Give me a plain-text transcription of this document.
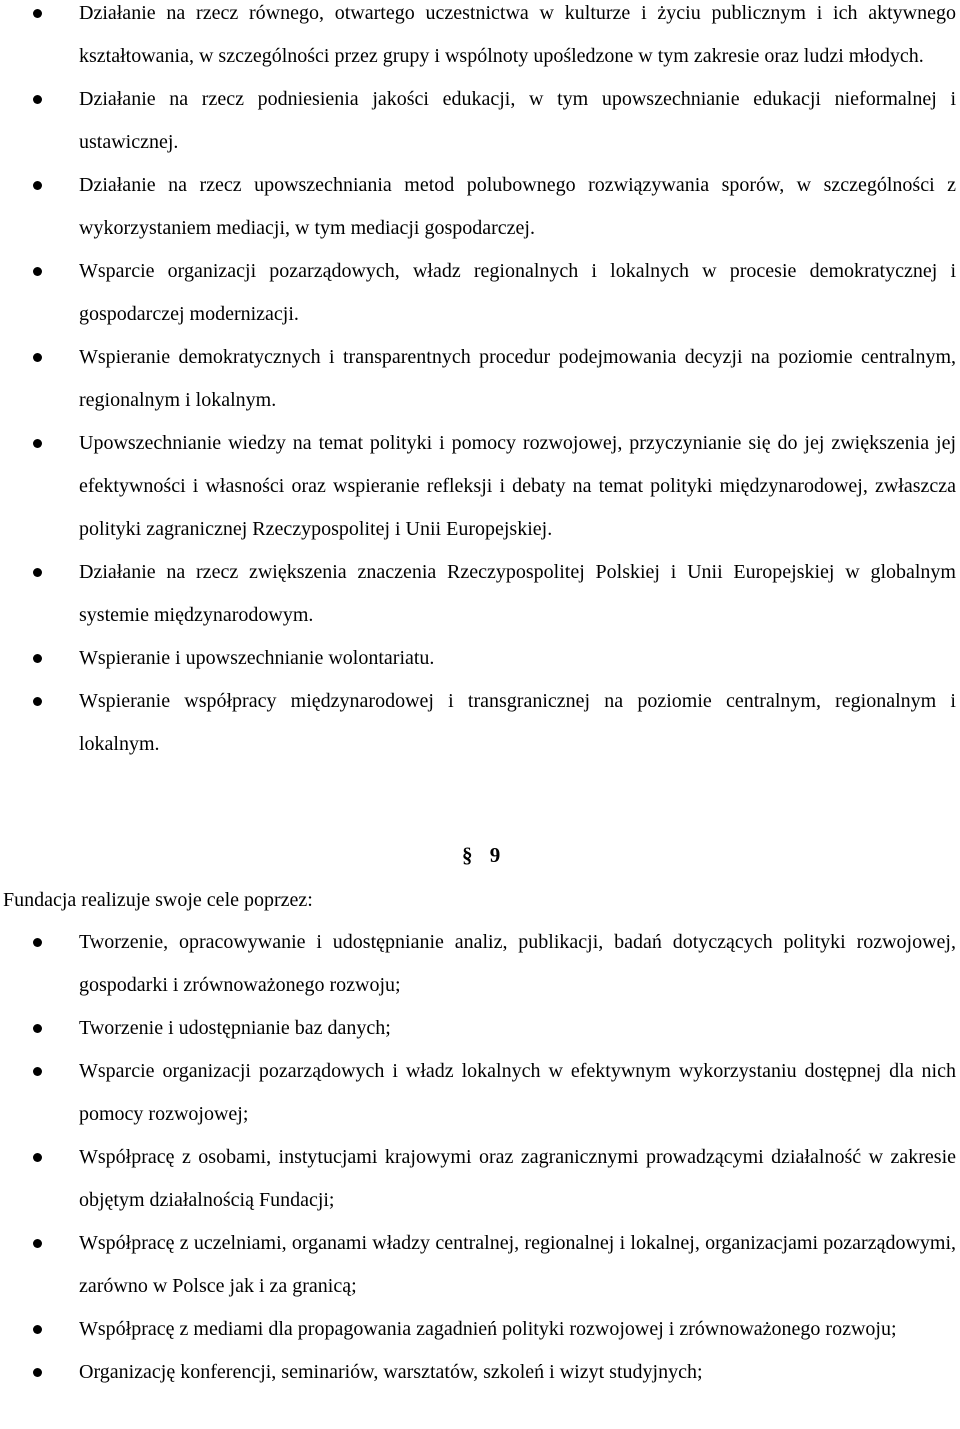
Działanie na rzecz równego, otwartego uczestnictwa w kulturze i życiu publicznym i ich aktywnego kształtowania, w szczególności przez grupy i wspólnoty upośledzone w tym zakresie oraz ludzi młodych.
Działanie na rzecz podniesienia jakości edukacji, w tym upowszechnianie edukacji nieformalnej i ustawicznej.
Działanie na rzecz upowszechniania metod polubownego rozwiązywania sporów, w szczególności z wykorzystaniem mediacji, w tym mediacji gospodarczej.
Wsparcie organizacji pozarządowych, władz regionalnych i lokalnych w procesie demokratycznej i gospodarczej modernizacji.
Wspieranie demokratycznych i transparentnych procedur podejmowania decyzji na poziomie centralnym, regionalnym i lokalnym.
Upowszechnianie wiedzy na temat polityki i pomocy rozwojowej, przyczynianie się do jej zwiększenia jej efektywności i własności oraz wspieranie refleksji i debaty na temat polityki międzynarodowej, zwłaszcza polityki zagranicznej Rzeczypospolitej i Unii Europejskiej.
Działanie na rzecz zwiększenia znaczenia Rzeczypospolitej Polskiej i Unii Europejskiej w globalnym systemie międzynarodowym.
Wspieranie i upowszechnianie wolontariatu.
Wspieranie współpracy międzynarodowej i transgranicznej na poziomie centralnym, regionalnym i lokalnym.
§ 9
Fundacja realizuje swoje cele poprzez:
Tworzenie, opracowywanie i udostępnianie analiz, publikacji, badań dotyczących polityki rozwojowej, gospodarki i zrównoważonego rozwoju;
Tworzenie i udostępnianie baz danych;
Wsparcie organizacji pozarządowych i władz lokalnych w efektywnym wykorzystaniu dostępnej dla nich pomocy rozwojowej;
Współpracę z osobami, instytucjami krajowymi oraz zagranicznymi prowadzącymi działalność w zakresie objętym działalnością Fundacji;
Współpracę z uczelniami, organami władzy centralnej, regionalnej i lokalnej, organizacjami pozarządowymi, zarówno w Polsce jak i za granicą;
Współpracę z mediami dla propagowania zagadnień polityki rozwojowej i zrównoważonego rozwoju;
Organizację konferencji, seminariów, warsztatów, szkoleń i wizyt studyjnych;
